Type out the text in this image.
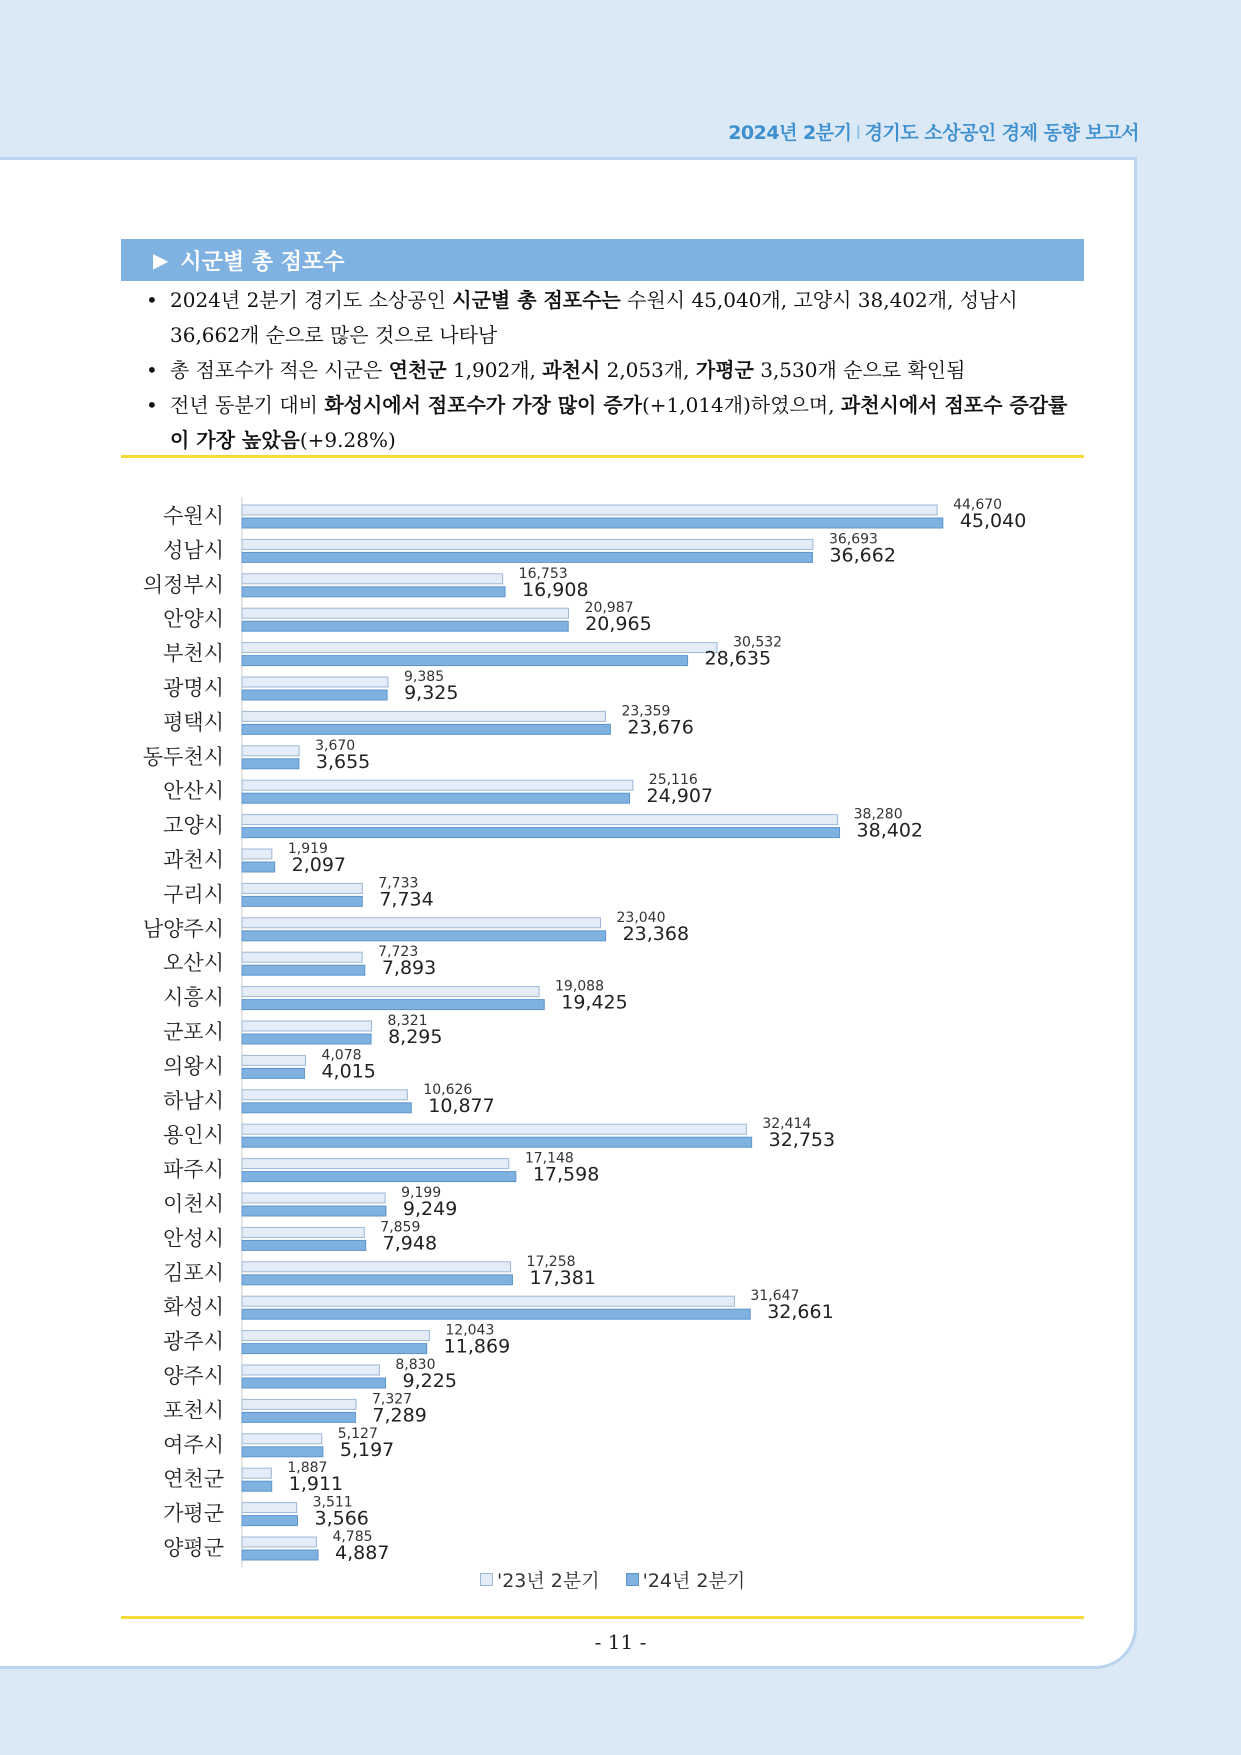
2024년 2분기 I 경기도 소상공인 경제 동향 보고서
▶ 시군별 총 점포수
• 2024년 2분기 경기도 소상공인 시군별 총 점포수는 수원시 45,040개, 고양시 38,402개, 성남시 36,662개 순으로 많은 것으로 나타남
• 총 점포수가 적은 시군은 연천군 1,902개, 과천시 2,053개, 가평군 3,530개 순으로 확인됨
• 전년 동분기 대비 화성시에서 점포수가 가장 많이 증가(+1,014개)하였으며, 과천시에서 점포수 증감률이 가장 높았음(+9.28%)
수원시	44,670
45,040
성남시	36,693
36,662
의정부시	16,753
16,908
안양시	20,987
20,965
부천시	30,532
28,635
광명시	9,385
9,325
평택시	23,359
23,676
동두천시	3,670
3,655
안산시	25,116
24,907
고양시	38,280
38,402
과천시	1,919
2,097
구리시	7,733
7,734
남양주시	23,040
23,368
오산시	7,723
7,893
시흥시	19,088
19,425
군포시	8,321
8,295
의왕시	4,078
4,015
하남시	10,626
10,877
용인시	32,414
32,753
파주시	17,148
17,598
이천시	9,199
9,249
안성시	7,859
7,948
김포시	17,258
17,381
화성시	31,647
32,661
광주시	12,043
11,869
양주시	8,830
9,225
포천시	7,327
7,289
여주시	5,127
5,197
연천군	1,887
1,911
가평군	3,511
3,566
양평군	4,785
4,887
'23년 2분기 '24년 2분기
- 11 -
